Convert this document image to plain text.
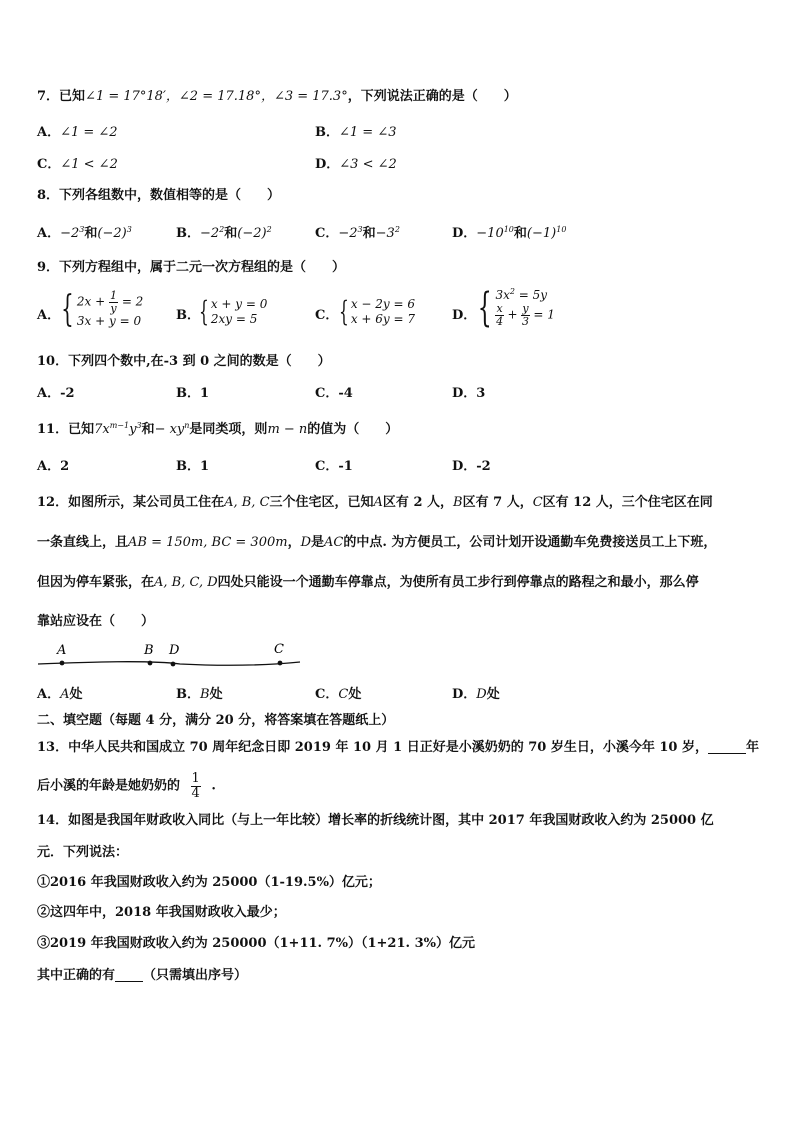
7．已知∠1 = 17°18′，∠2 = 17.18°，∠3 = 17.3°，下列说法正确的是（　　）
A．∠1 = ∠2	B．∠1 = ∠3
C．∠1 < ∠2	D．∠3 < ∠2
8．下列各组数中，数值相等的是（　　）
A．$-2^3$和$(-2)^3$	B．$-2^2$和$(-2)^2$	C．$-2^3$和$-3^2$	D．$-10^{10}$和$(-1)^{10}$
9．下列方程组中，属于二元一次方程组的是（　　）
A． { $2x + \frac{1}{y} = 2$
3x + y = 0	B． { x + y = 0
2xy = 5	C． { x − 2y = 6
x + 6y = 7	D． { $3x^2 = 5y$
$\frac{x}{4} + \frac{y}{3} = 1$
10．下列四个数中,在-3 到 0 之间的数是（　　）
A．-2	B．1	C．-4	D．3
11．已知$7x^{m-1}y^3$和− $xy^n$是同类项，则m − n的值为（　　）
A．2	B．1	C．-1	D．-2
12．如图所示，某公司员工住在A, B, C三个住宅区，已知A区有 2 人，B区有 7 人，C区有 12 人，三个住宅区在同
一条直线上，且AB = 150m, BC = 300m，D是AC的中点. 为方便员工，公司计划开设通勤车免费接送员工上下班，
但因为停车紧张，在A, B, C, D四处只能设一个通勤车停靠点，为使所有员工步行到停靠点的路程之和最小，那么停
靠站应设在（　　）
A	B D	C
A．A处	B．B处	C．C处	D．D处
二、填空题（每题 4 分，满分 20 分，将答案填在答题纸上）
13．中华人民共和国成立 70 周年纪念日即 2019 年 10 月 1 日正好是小溪奶奶的 70 岁生日，小溪今年 10 岁，	年
后小溪的年龄是她奶奶的 $\frac{1}{4}$ .
14．如图是我国年财政收入同比（与上一年比较）增长率的折线统计图，其中 2017 年我国财政收入约为 25000 亿
元．下列说法：
①2016 年我国财政收入约为 25000（1-19.5%）亿元；
②这四年中，2018 年我国财政收入最少；
③2019 年我国财政收入约为 250000（1+11. 7%）（1+21. 3%）亿元
其中正确的有 （只需填出序号）
